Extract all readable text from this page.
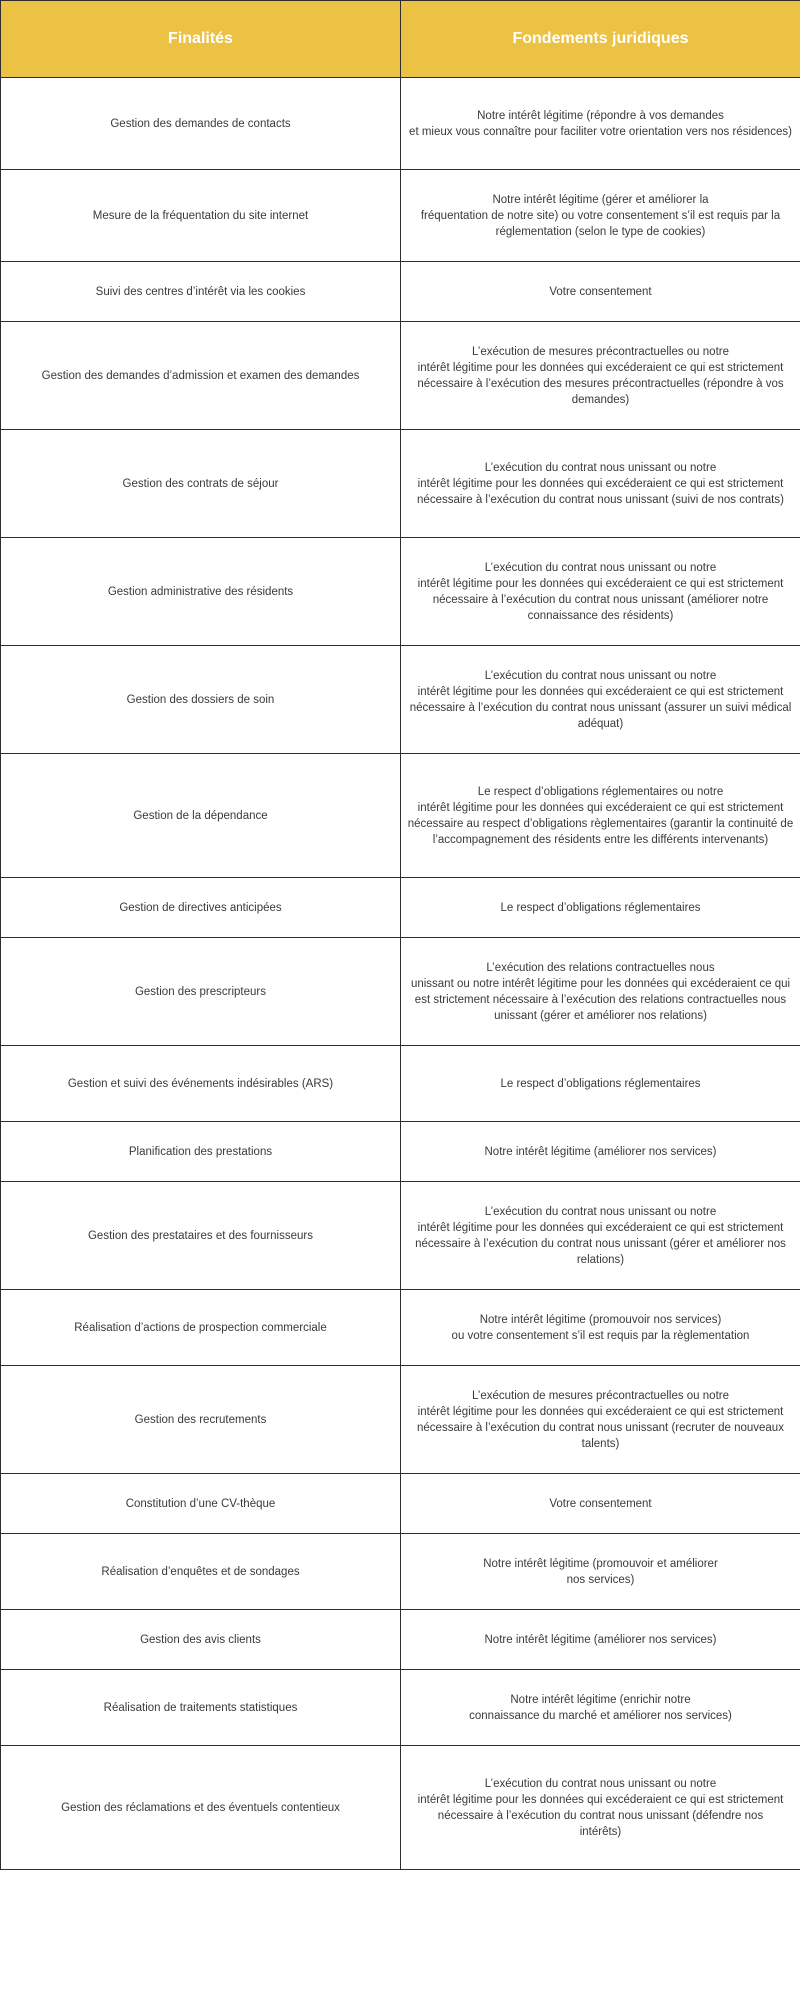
Finalités	Fondements juridiques
Gestion des demandes de contacts	Notre intérêt légitime (répondre à vos demandes
et mieux vous connaître pour faciliter votre orientation vers nos résidences)
Mesure de la fréquentation du site internet	Notre intérêt légitime (gérer et améliorer la
fréquentation de notre site) ou votre consentement s’il est requis par la réglementation (selon le type de cookies)
Suivi des centres d’intérêt via les cookies	Votre consentement
Gestion des demandes d’admission et examen des demandes	L’exécution de mesures précontractuelles ou notre
intérêt légitime pour les données qui excéderaient ce qui est strictement nécessaire à l’exécution des mesures précontractuelles (répondre à vos demandes)
Gestion des contrats de séjour	L’exécution du contrat nous unissant ou notre
intérêt légitime pour les données qui excéderaient ce qui est strictement nécessaire à l’exécution du contrat nous unissant (suivi de nos contrats)
Gestion administrative des résidents	L’exécution du contrat nous unissant ou notre
intérêt légitime pour les données qui excéderaient ce qui est strictement nécessaire à l’exécution du contrat nous unissant (améliorer notre connaissance des résidents)
Gestion des dossiers de soin	L’exécution du contrat nous unissant ou notre
intérêt légitime pour les données qui excéderaient ce qui est strictement nécessaire à l’exécution du contrat nous unissant (assurer un suivi médical adéquat)
Gestion de la dépendance	Le respect d’obligations réglementaires ou notre
intérêt légitime pour les données qui excéderaient ce qui est strictement nécessaire au respect d’obligations règlementaires (garantir la continuité de l’accompagnement des résidents entre les différents intervenants)
Gestion de directives anticipées	Le respect d’obligations réglementaires
Gestion des prescripteurs	L’exécution des relations contractuelles nous
unissant ou notre intérêt légitime pour les données qui excéderaient ce qui est strictement nécessaire à l’exécution des relations contractuelles nous unissant (gérer et améliorer nos relations)
Gestion et suivi des événements indésirables (ARS)	Le respect d’obligations réglementaires
Planification des prestations	Notre intérêt légitime (améliorer nos services)
Gestion des prestataires et des fournisseurs	L’exécution du contrat nous unissant ou notre
intérêt légitime pour les données qui excéderaient ce qui est strictement nécessaire à l’exécution du contrat nous unissant (gérer et améliorer nos relations)
Réalisation d’actions de prospection commerciale	Notre intérêt légitime (promouvoir nos services)
ou votre consentement s’il est requis par la règlementation
Gestion des recrutements	L’exécution de mesures précontractuelles ou notre
intérêt légitime pour les données qui excéderaient ce qui est strictement nécessaire à l’exécution du contrat nous unissant (recruter de nouveaux talents)
Constitution d’une CV-thèque	Votre consentement
Réalisation d’enquêtes et de sondages	Notre intérêt légitime (promouvoir et améliorer
nos services)
Gestion des avis clients	Notre intérêt légitime (améliorer nos services)
Réalisation de traitements statistiques	Notre intérêt légitime (enrichir notre
connaissance du marché et améliorer nos services)
Gestion des réclamations et des éventuels contentieux	L’exécution du contrat nous unissant ou notre
intérêt légitime pour les données qui excéderaient ce qui est strictement nécessaire à l’exécution du contrat nous unissant (défendre nos
intérêts)
